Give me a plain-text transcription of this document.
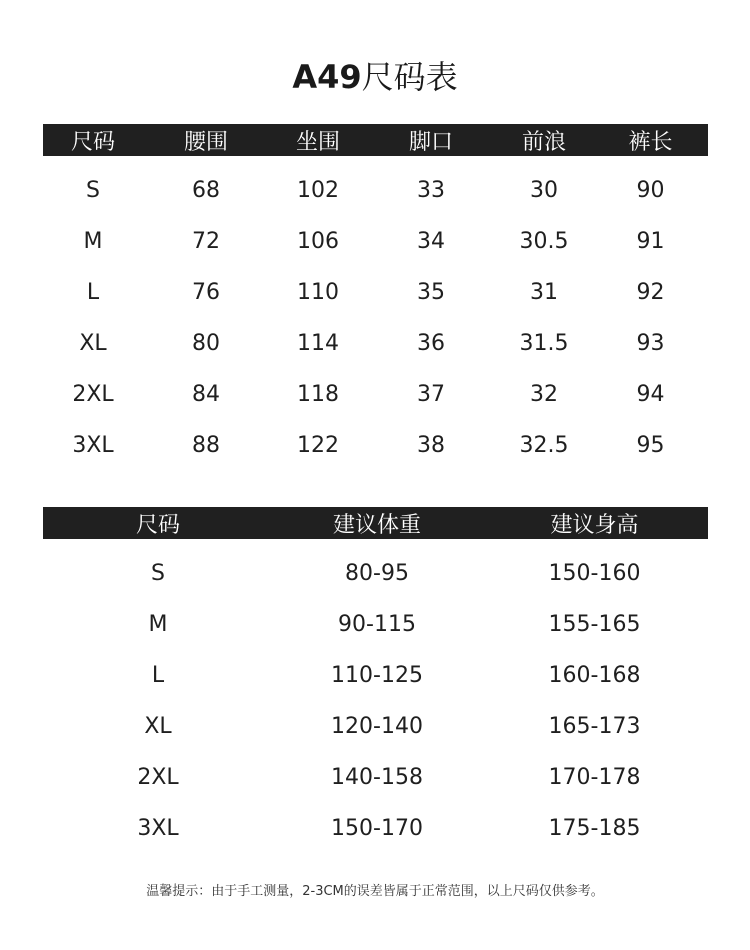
A49尺码表
尺码	腰围	坐围	脚口	前浪	裤长
S	68	102	33	30	90
M	72	106	34	30.5	91
L	76	110	35	31	92
XL	80	114	36	31.5	93
2XL	84	118	37	32	94
3XL	88	122	38	32.5	95
尺码	建议体重	建议身高
S	80-95	150-160
M	90-115	155-165
L	110-125	160-168
XL	120-140	165-173
2XL	140-158	170-178
3XL	150-170	175-185
温馨提示：由于手工测量，2-3CM的误差皆属于正常范围，以上尺码仅供参考。
